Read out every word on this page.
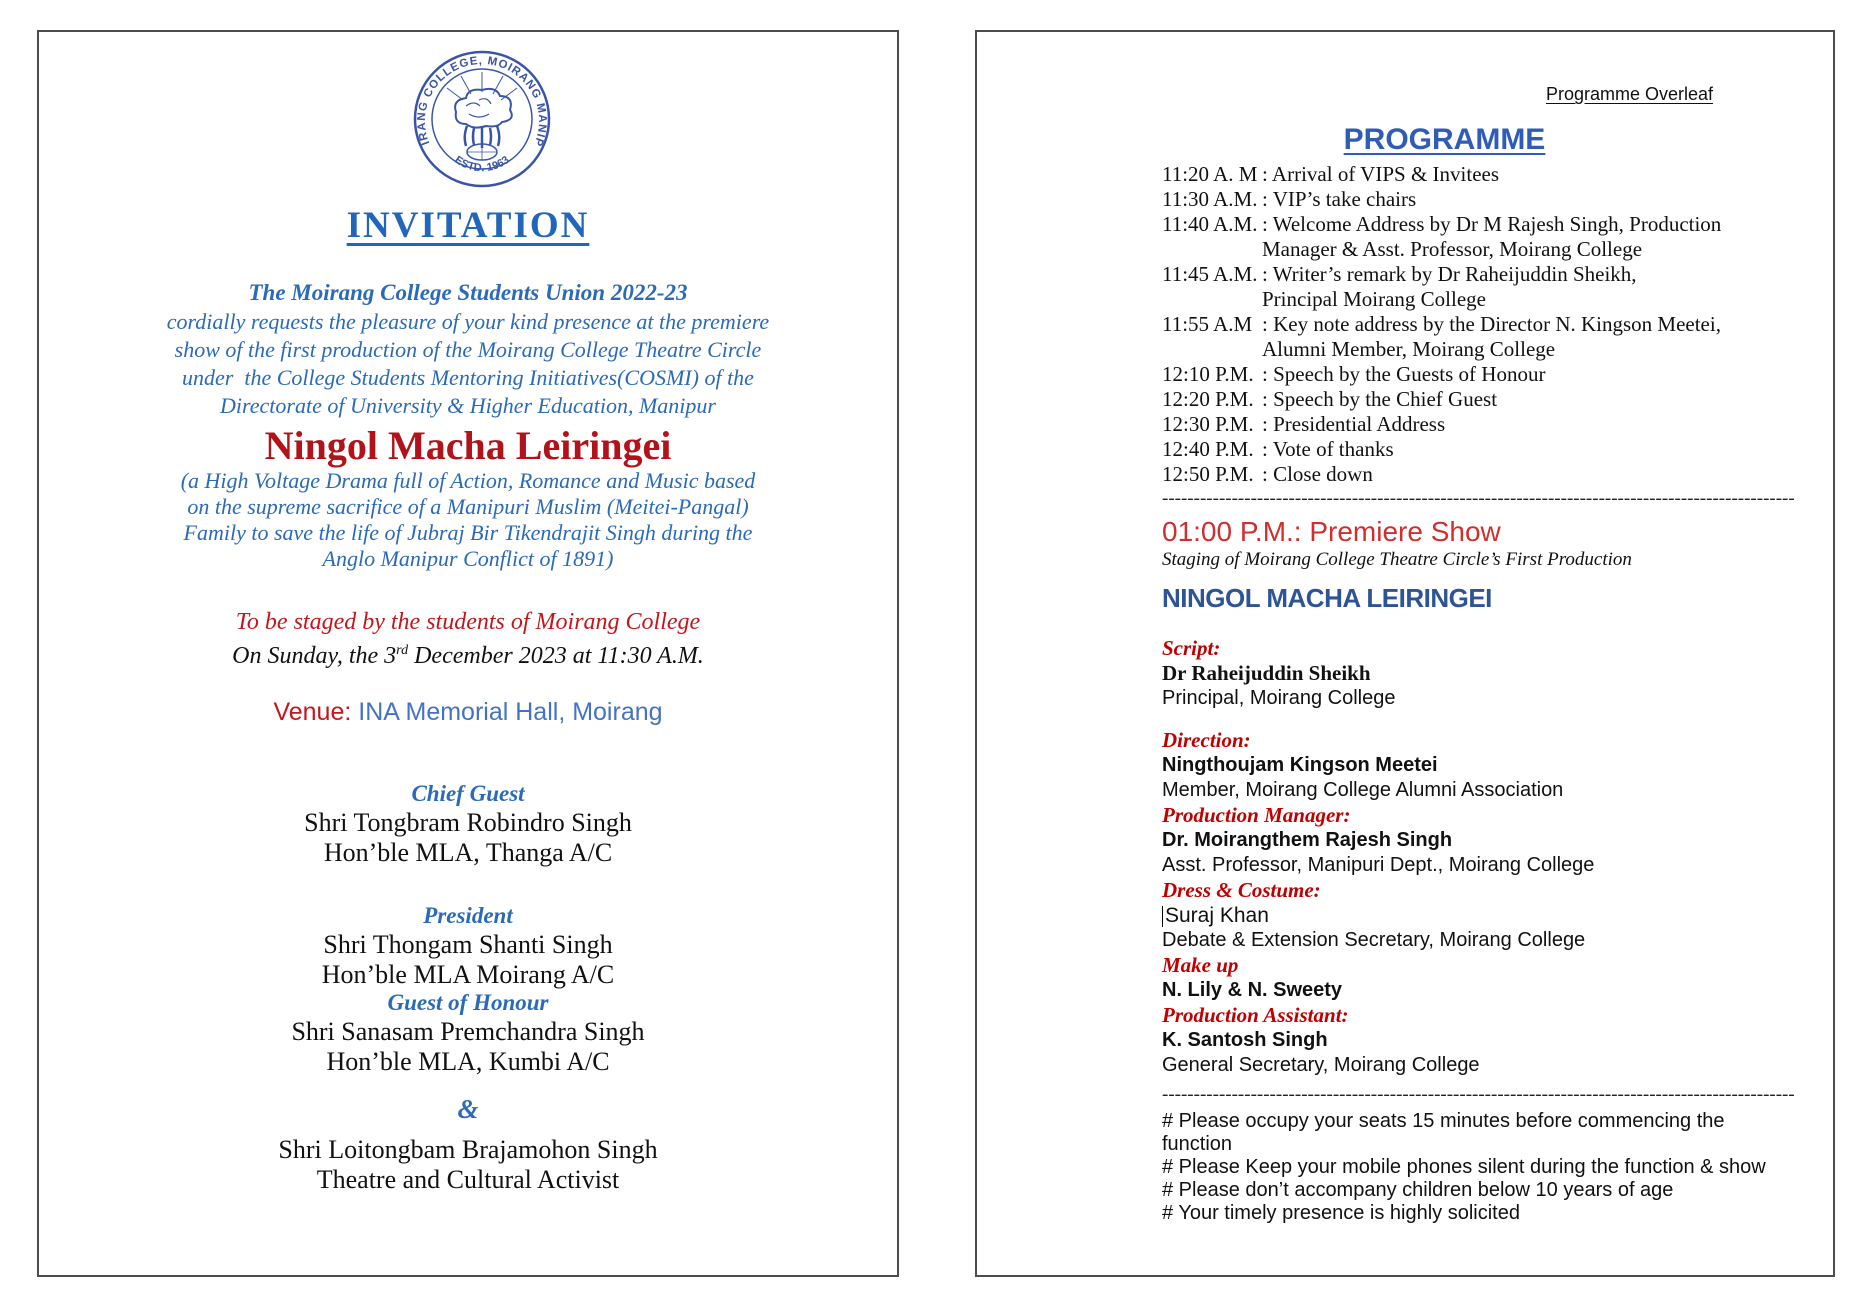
IRANG COLLEGE, MOIRANG MANIP
ESTD. 1963
INVITATION

The Moirang College Students Union 2022-23

cordially requests the pleasure of your kind presence at the premiere
show of the first production of the Moirang College Theatre Circle
under  the College Students Mentoring Initiatives(COSMI) of the
Directorate of University & Higher Education, Manipur

Ningol Macha Leiringei

(a High Voltage Drama full of Action, Romance and Music based
on the supreme sacrifice of a Manipuri Muslim (Meitei-Pangal)
Family to save the life of Jubraj Bir Tikendrajit Singh during the
Anglo Manipur Conflict of 1891)

To be staged by the students of Moirang College

On Sunday, the 3rd December 2023 at 11:30 A.M.

Venue: INA Memorial Hall, Moirang

Chief Guest
Shri Tongbram Robindro Singh
Hon’ble MLA, Thanga A/C
President
Shri Thongam Shanti Singh
Hon’ble MLA Moirang A/C
Guest of Honour
Shri Sanasam Premchandra Singh
Hon’ble MLA, Kumbi A/C
&
Shri Loitongbam Brajamohon Singh
Theatre and Cultural Activist
Programme Overleaf
PROGRAMME
11:20 A. M : Arrival of VIPS & Invitees
11:30 A.M. : VIP’s take chairs
11:40 A.M. : Welcome Address by Dr M Rajesh Singh, Production
Manager & Asst. Professor, Moirang College
11:45 A.M. : Writer’s remark by Dr Raheijuddin Sheikh,
Principal Moirang College
11:55 A.M : Key note address by the Director N. Kingson Meetei,
Alumni Member, Moirang College
12:10 P.M. : Speech by the Guests of Honour
12:20 P.M. : Speech by the Chief Guest
12:30 P.M. : Presidential Address
12:40 P.M. : Vote of thanks
12:50 P.M. : Close down
----------------------------------------------------------------------------------------------------
01:00 P.M.: Premiere Show
Staging of Moirang College Theatre Circle’s First Production
NINGOL MACHA LEIRINGEI
Script:
Dr Raheijuddin Sheikh
Principal, Moirang College
Direction:
Ningthoujam Kingson Meetei
Member, Moirang College Alumni Association
Production Manager:
Dr. Moirangthem Rajesh Singh
Asst. Professor, Manipuri Dept., Moirang College
Dress & Costume:
Suraj Khan
Debate & Extension Secretary, Moirang College
Make up
N. Lily & N. Sweety
Production Assistant:
K. Santosh Singh
General Secretary, Moirang College
----------------------------------------------------------------------------------------------------
# Please occupy your seats 15 minutes before commencing the function
# Please Keep your mobile phones silent during the function & show
# Please don’t accompany children below 10 years of age
# Your timely presence is highly solicited
